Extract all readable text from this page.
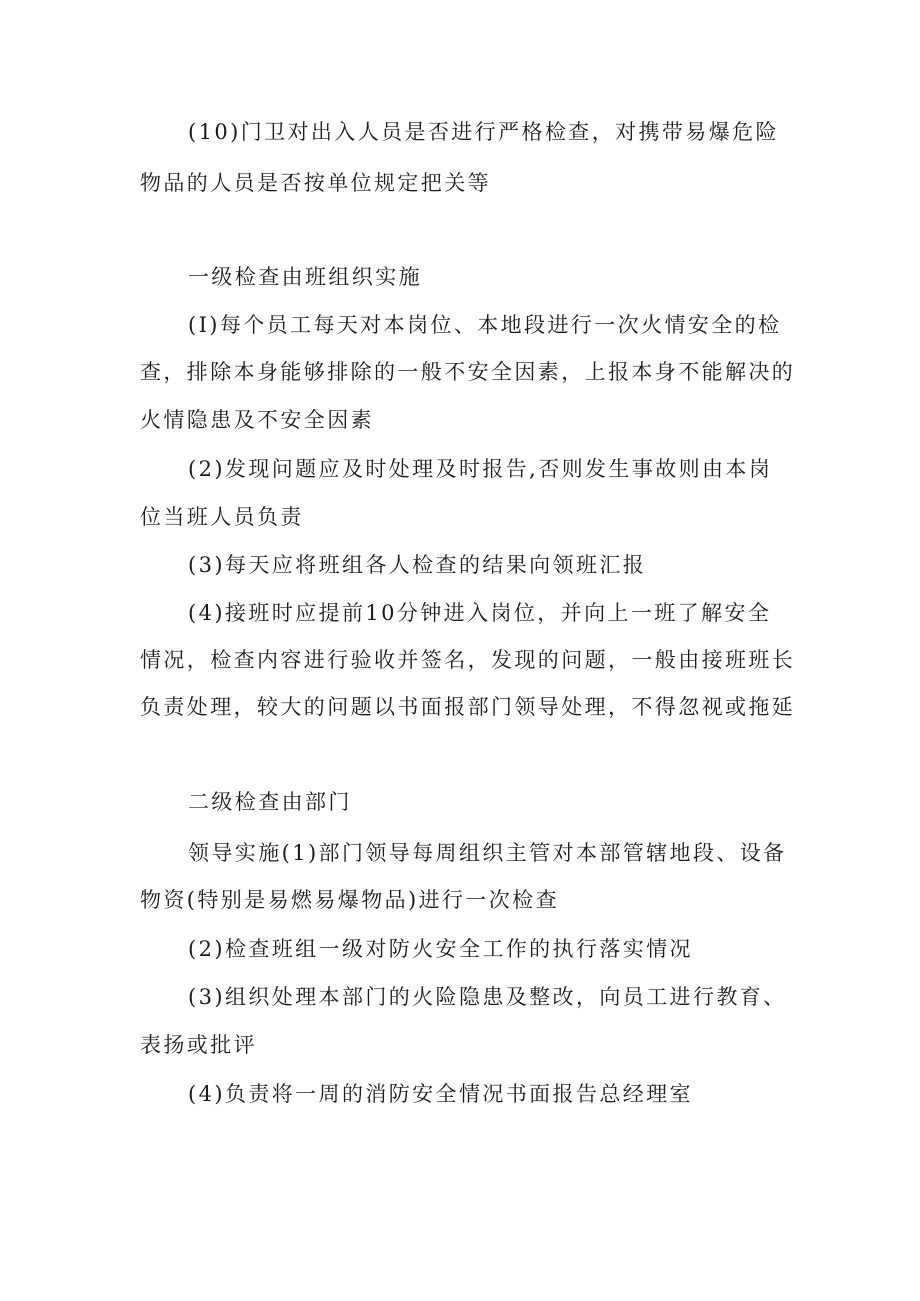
(10)门卫对出入人员是否进行严格检查，对携带易爆危险
物品的人员是否按单位规定把关等
一级检查由班组织实施
(I)每个员工每天对本岗位、本地段进行一次火情安全的检
查，排除本身能够排除的一般不安全因素，上报本身不能解决的
火情隐患及不安全因素
(2)发现问题应及时处理及时报告,否则发生事故则由本岗
位当班人员负责
(3)每天应将班组各人检查的结果向领班汇报
(4)接班时应提前10分钟进入岗位，并向上一班了解安全
情况，检查内容进行验收并签名，发现的问题，一般由接班班长
负责处理，较大的问题以书面报部门领导处理，不得忽视或拖延
二级检查由部门
领导实施(1)部门领导每周组织主管对本部管辖地段、设备
物资(特别是易燃易爆物品)进行一次检查
(2)检查班组一级对防火安全工作的执行落实情况
(3)组织处理本部门的火险隐患及整改，向员工进行教育、
表扬或批评
(4)负责将一周的消防安全情况书面报告总经理室
